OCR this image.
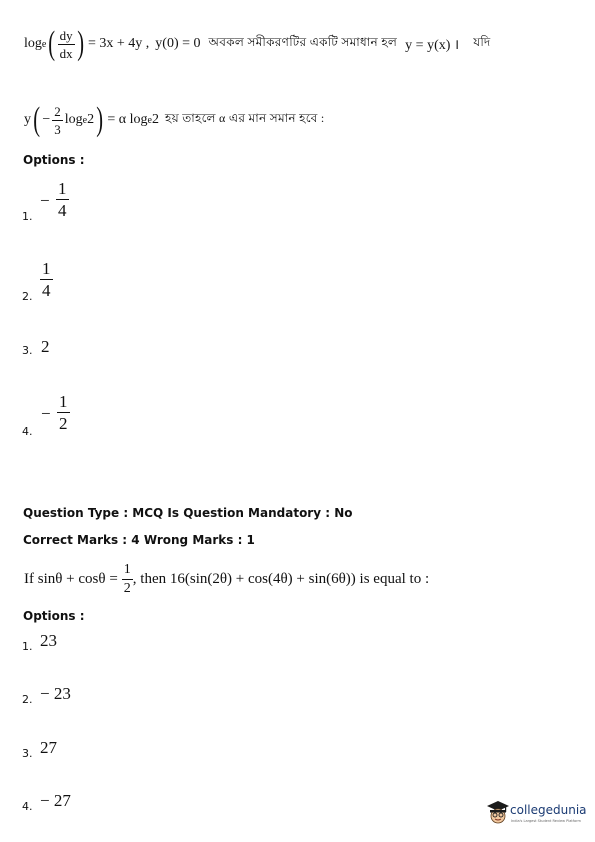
log e ( $\frac{dy}{dx}$ ) = 3x + 4y , y(0) = 0 অবকল সমীকরণটির একটি সমাধান হল y = y(x) । যদি
y ( − $\frac{2}{3}$ log e 2 ) = α log e 2 হয় তাহলে α এর মান সমান হবে :
Options :
1.
− $\frac{1}{4}$
2. $\frac{1}{4}$
3. 2
4.
− $\frac{1}{2}$
Question Type : MCQ Is Question Mandatory : No
Correct Marks : 4 Wrong Marks : 1
If $\sin\theta + \cos\theta = \frac{1}{2}$ , then 16(sin(2θ) + cos(4θ) + sin(6θ)) is equal to :
Options :
1. 23
2. − 23
3. 27
4. − 27	collegedunia
India's Largest Student Review Platform
